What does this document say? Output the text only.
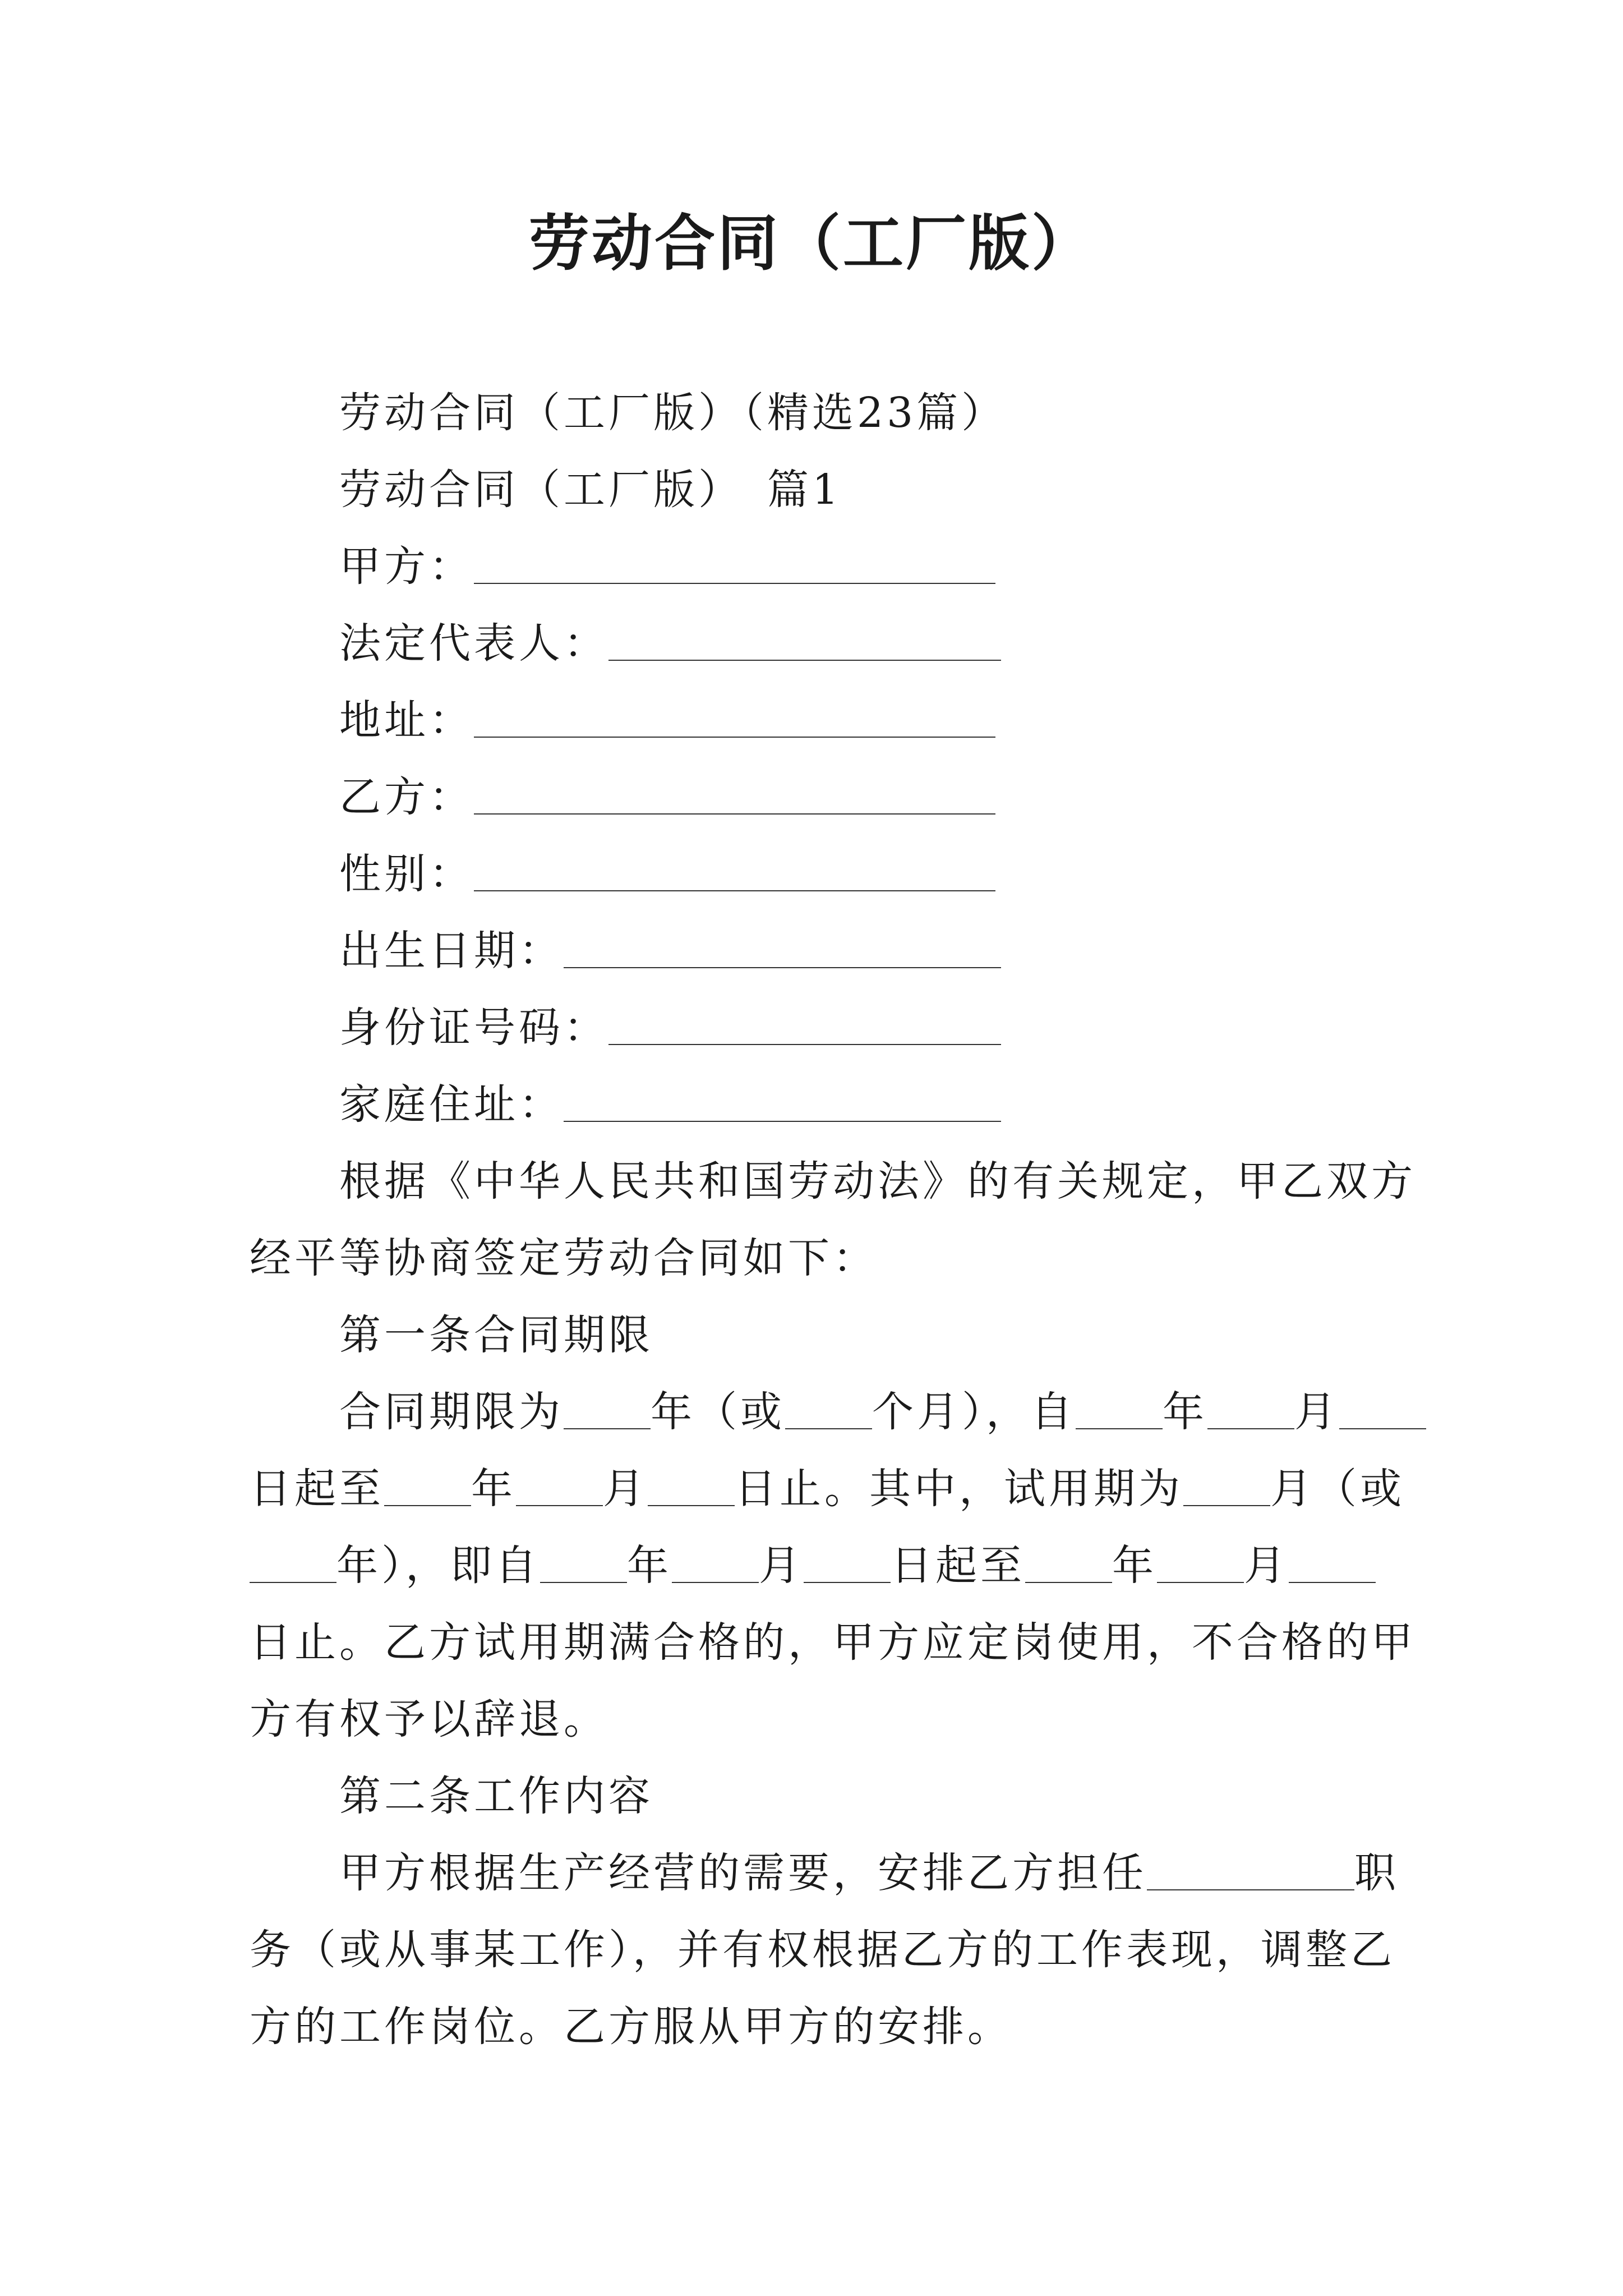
劳动合同（工厂版）
劳动合同（工厂版）（精选23篇）
劳动合同（工厂版）　篇1
甲方：
法定代表人：
地址：
乙方：
性别：
出生日期：
身份证号码：
家庭住址：
根据《中华人民共和国劳动法》的有关规定，甲乙双方
经平等协商签定劳动合同如下：
第一条合同期限
合同期限为 年（或 个月），自 年 月
日起至 年 月 日止。其中，试用期为 月（或
年），即自 年 月 日起至 年 月
日止。乙方试用期满合格的，甲方应定岗使用，不合格的甲
方有权予以辞退。
第二条工作内容
甲方根据生产经营的需要，安排乙方担任	职
务（或从事某工作），并有权根据乙方的工作表现，调整乙
方的工作岗位。乙方服从甲方的安排。
